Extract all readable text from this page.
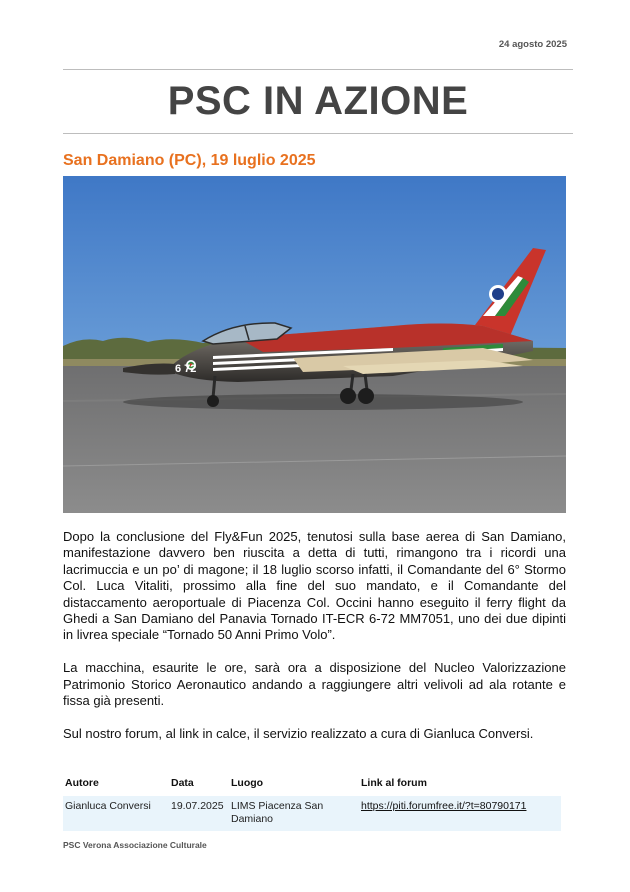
24 agosto 2025
PSC IN AZIONE
San Damiano (PC), 19 luglio 2025
6 72

Dopo la conclusione del Fly&Fun 2025, tenutosi sulla base aerea di San Damiano, manifestazione davvero ben riuscita a detta di tutti, rimangono tra i ricordi una lacrimuccia e un po’ di magone; il 18 luglio scorso infatti, il Comandante del 6° Stormo Col. Luca Vitaliti, prossimo alla fine del suo mandato, e il Comandante del distaccamento aeroportuale di Piacenza Col. Occini hanno eseguito il ferry flight da Ghedi a San Damiano del Panavia Tornado IT-ECR 6-72 MM7051, uno dei due dipinti in livrea speciale “Tornado 50 Anni Primo Volo”.

La macchina, esaurite le ore, sarà ora a disposizione del Nucleo Valorizzazione Patrimonio Storico Aeronautico andando a raggiungere altri velivoli ad ala rotante e fissa già presenti.

Sul nostro forum, al link in calce, il servizio realizzato a cura di Gianluca Conversi.

Autore	Data	Luogo	Link al forum
Gianluca Conversi	19.07.2025	LIMS Piacenza San Damiano	https://piti.forumfree.it/?t=80790171
PSC Verona Associazione Culturale
